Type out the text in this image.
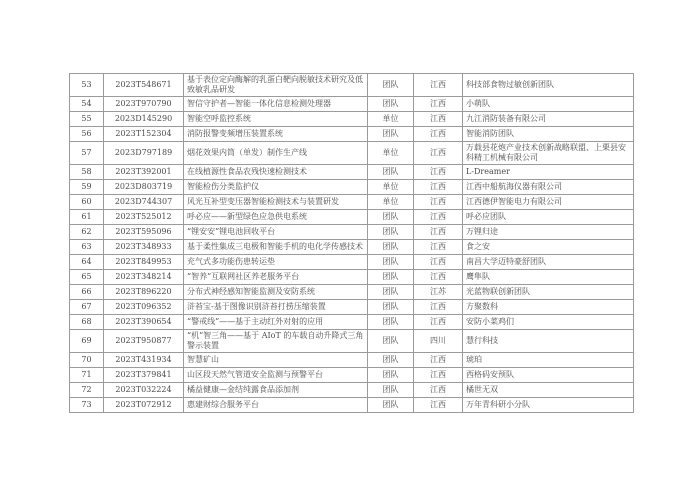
53	2023T548671	基于表位定向酶解的乳蛋白靶向脱敏技术研究及低致敏乳品研发	团队	江西	科技部食物过敏创新团队
54	2023T970790	智信守护者—智能一体化信息检测处理器	团队	江西	小萌队
55	2023D145290	智能空呼监控系统	单位	江西	九江消防装备有限公司
56	2023T152304	消防报警变频增压装置系统	团队	江西	智能消防团队
57	2023D797189	烟花效果内筒（单发）制作生产线	单位	江西	万载县花炮产业技术创新战略联盟、上栗县安科精工机械有限公司
58	2023T392001	在线植源性食品农残快速检测技术	团队	江西	L-Dreamer
59	2023D803719	智能检伤分类监护仪	单位	江西	江西中船航海仪器有限公司
60	2023D744307	风光互补型变压器智能检测技术与装置研发	单位	江西	江西德伊智能电力有限公司
61	2023T525012	呼必应——新型绿色应急供电系统	团队	江西	呼必应团队
62	2023T595096	“锂安安”锂电池回收平台	团队	江西	万锂归途
63	2023T348933	基于柔性集成三电极和智能手机的电化学传感技术	团队	江西	食之安
64	2023T849953	充气式多功能伤患转运垫	团队	江西	南昌大学迈特豪舒团队
65	2023T348214	“智养”互联网社区养老服务平台	团队	江西	鹰隼队
66	2023T896220	分布式神经感知智能监测及安防系统	团队	江苏	光蓝物联创新团队
67	2023T096352	浒苔宝-基于图像识别浒苔打捞压缩装置	团队	江西	方聚数科
68	2023T390654	“警戒线”——基于主动红外对射的应用	团队	江西	安防小菜鸡们
69	2023T950877	“机”智三角——基于 AIoT 的车载自动升降式三角警示装置	团队	四川	慧行科技
70	2023T431934	智慧矿山	团队	江西	琥珀
71	2023T379841	山区段天然气管道安全监测与预警平台	团队	江西	西格码安预队
72	2023T032224	橘益健康—金结纯露食品添加剂	团队	江西	橘世无双
73	2023T072912	惠建财综合服务平台	团队	江西	万年青科研小分队
